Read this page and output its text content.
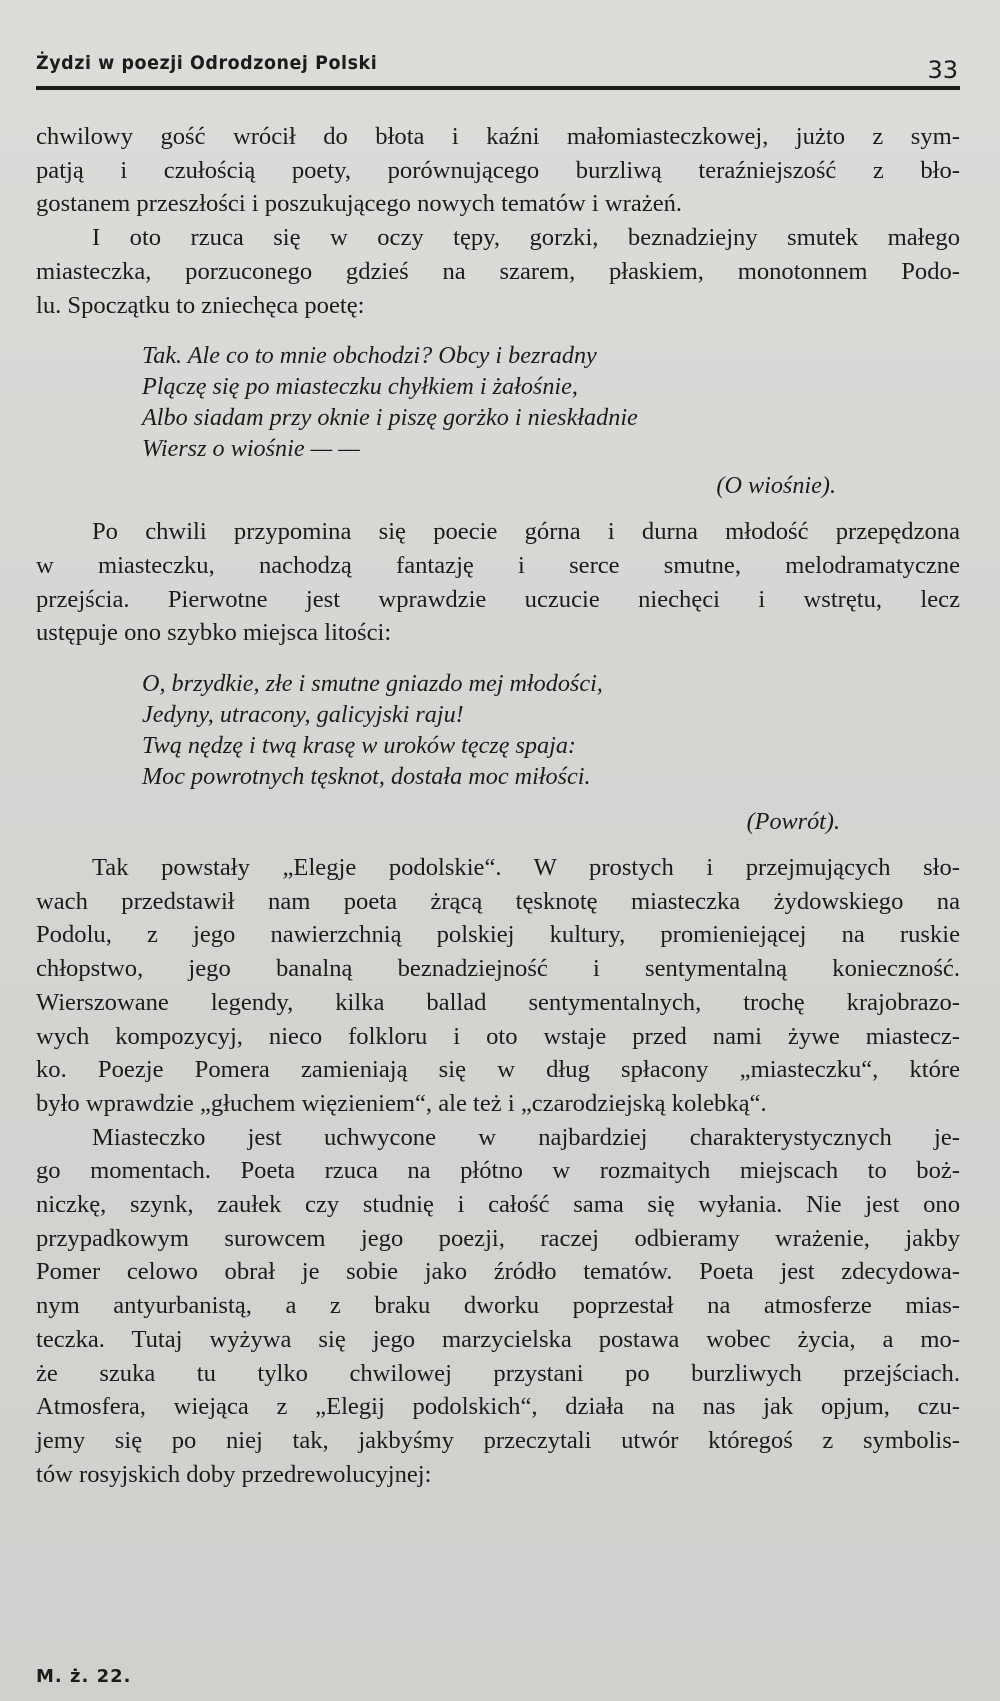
Żydzi w poezji Odrodzonej Polski	33

chwilowy gość wrócił do błota i kaźni małomiasteczkowej, jużto z sym-
patją i czułością poety, porównującego burzliwą teraźniejszość z bło-
gostanem przeszłości i poszukującego nowych tematów i wrażeń.

I oto rzuca się w oczy tępy, gorzki, beznadziejny smutek małego
miasteczka, porzuconego gdzieś na szarem, płaskiem, monotonnem Podo-
lu. Spoczątku to zniechęca poetę:

Tak. Ale co to mnie obchodzi? Obcy i bezradny
Plączę się po miasteczku chyłkiem i żałośnie,
Albo siadam przy oknie i piszę gorżko i nieskładnie
Wiersz o wiośnie — —
(O wiośnie).

Po chwili przypomina się poecie górna i durna młodość przepędzona
w miasteczku, nachodzą fantazję i serce smutne, melodramatyczne
przejścia. Pierwotne jest wprawdzie uczucie niechęci i wstrętu, lecz
ustępuje ono szybko miejsca litości:

O, brzydkie, złe i smutne gniazdo mej młodości,
Jedyny, utracony, galicyjski raju!
Twą nędzę i twą krasę w uroków tęczę spaja:
Moc powrotnych tęsknot, dostała moc miłości.
(Powrót).

Tak powstały „Elegje podolskie“. W prostych i przejmujących sło-
wach przedstawił nam poeta żrącą tęsknotę miasteczka żydowskiego na
Podolu, z jego nawierzchnią polskiej kultury, promieniejącej na ruskie
chłopstwo, jego banalną beznadziejność i sentymentalną konieczność.
Wierszowane legendy, kilka ballad sentymentalnych, trochę krajobrazo-
wych kompozycyj, nieco folkloru i oto wstaje przed nami żywe miastecz-
ko. Poezje Pomera zamieniają się w dług spłacony „miasteczku“, które
było wprawdzie „głuchem więzieniem“, ale też i „czarodziejską kolebką“.

Miasteczko jest uchwycone w najbardziej charakterystycznych je-
go momentach. Poeta rzuca na płótno w rozmaitych miejscach to boż-
niczkę, szynk, zaułek czy studnię i całość sama się wyłania. Nie jest ono
przypadkowym surowcem jego poezji, raczej odbieramy wrażenie, jakby
Pomer celowo obrał je sobie jako źródło tematów. Poeta jest zdecydowa-
nym antyurbanistą, a z braku dworku poprzestał na atmosferze mias-
teczka. Tutaj wyżywa się jego marzycielska postawa wobec życia, a mo-
że szuka tu tylko chwilowej przystani po burzliwych przejściach.
Atmosfera, wiejąca z „Elegij podolskich“, działa na nas jak opjum, czu-
jemy się po niej tak, jakbyśmy przeczytali utwór któregoś z symbolis-
tów rosyjskich doby przedrewolucyjnej:

M. ż. 22.
